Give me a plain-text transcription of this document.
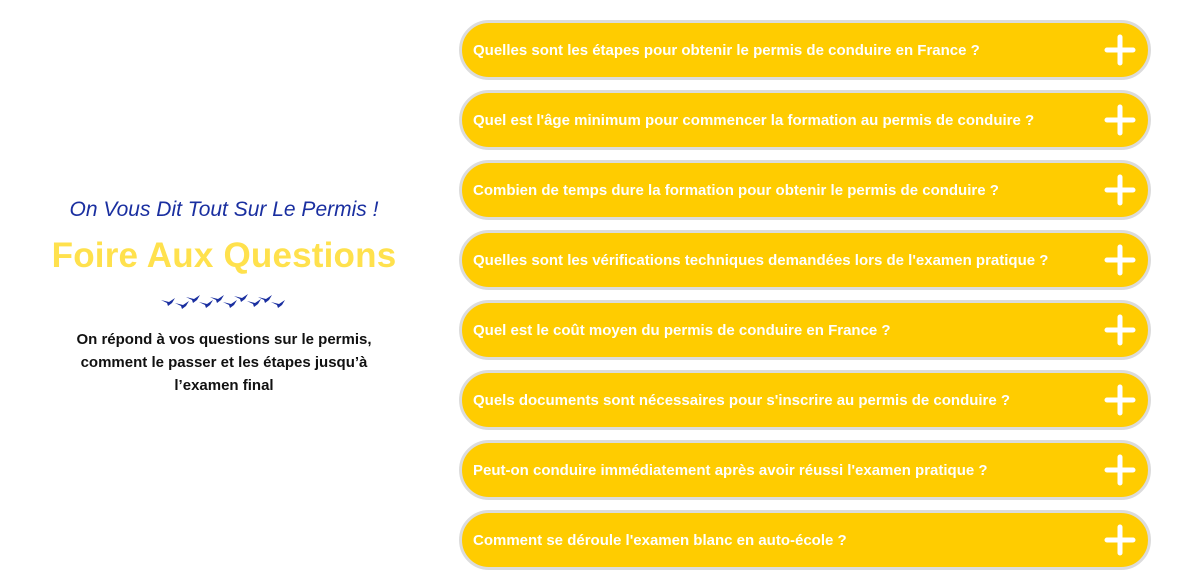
On Vous Dit Tout Sur Le Permis !

Foire Aux Questions

On répond à vos questions sur le permis, comment le passer et les étapes jusqu’à l’examen final

Quelles sont les étapes pour obtenir le permis de conduire en France ?
Quel est l'âge minimum pour commencer la formation au permis de conduire ?
Combien de temps dure la formation pour obtenir le permis de conduire ?
Quelles sont les vérifications techniques demandées lors de l'examen pratique ?
Quel est le coût moyen du permis de conduire en France ?
Quels documents sont nécessaires pour s'inscrire au permis de conduire ?
Peut-on conduire immédiatement après avoir réussi l'examen pratique ?
Comment se déroule l'examen blanc en auto-école ?
